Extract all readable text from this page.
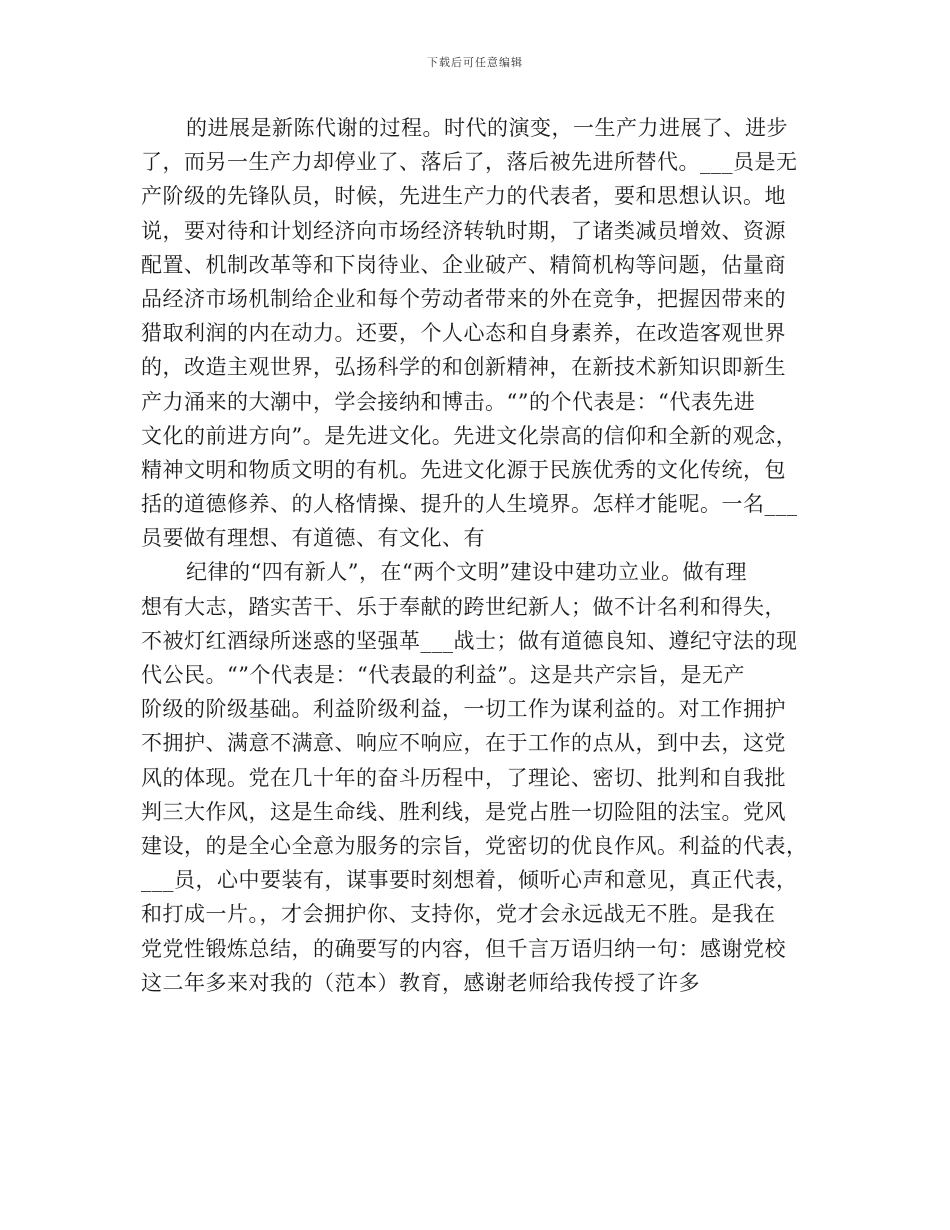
下载后可任意编辑
的进展是新陈代谢的过程。时代的演变，一生产力进展了、进步
了，而另一生产力却停业了、落后了，落后被先进所替代。___员是无
产阶级的先锋队员，时候，先进生产力的代表者，要和思想认识。地
说，要对待和计划经济向市场经济转轨时期，了诸类减员增效、资源
配置、机制改革等和下岗待业、企业破产、精简机构等问题，估量商
品经济市场机制给企业和每个劳动者带来的外在竞争，把握因带来的
猎取利润的内在动力。还要，个人心态和自身素养，在改造客观世界
的，改造主观世界，弘扬科学的和创新精神，在新技术新知识即新生
产力涌来的大潮中，学会接纳和博击。“”的个代表是：“代表先进
文化的前进方向”。是先进文化。先进文化崇高的信仰和全新的观念，
精神文明和物质文明的有机。先进文化源于民族优秀的文化传统，包
括的道德修养、的人格情操、提升的人生境界。怎样才能呢。一名___
员要做有理想、有道德、有文化、有
纪律的“四有新人”，在“两个文明”建设中建功立业。做有理
想有大志，踏实苦干、乐于奉献的跨世纪新人；做不计名利和得失，
不被灯红酒绿所迷惑的坚强革___战士；做有道德良知、遵纪守法的现
代公民。“”个代表是：“代表最的利益”。这是共产宗旨，是无产
阶级的阶级基础。利益阶级利益，一切工作为谋利益的。对工作拥护
不拥护、满意不满意、响应不响应，在于工作的点从，到中去，这党
风的体现。党在几十年的奋斗历程中，了理论、密切、批判和自我批
判三大作风，这是生命线、胜利线，是党占胜一切险阻的法宝。党风
建设，的是全心全意为服务的宗旨，党密切的优良作风。利益的代表，
___员，心中要装有，谋事要时刻想着，倾听心声和意见，真正代表，
和打成一片。，才会拥护你、支持你，党才会永远战无不胜。是我在
党党性锻炼总结，的确要写的内容，但千言万语归纳一句：感谢党校
这二年多来对我的（范本）教育，感谢老师给我传授了许多
